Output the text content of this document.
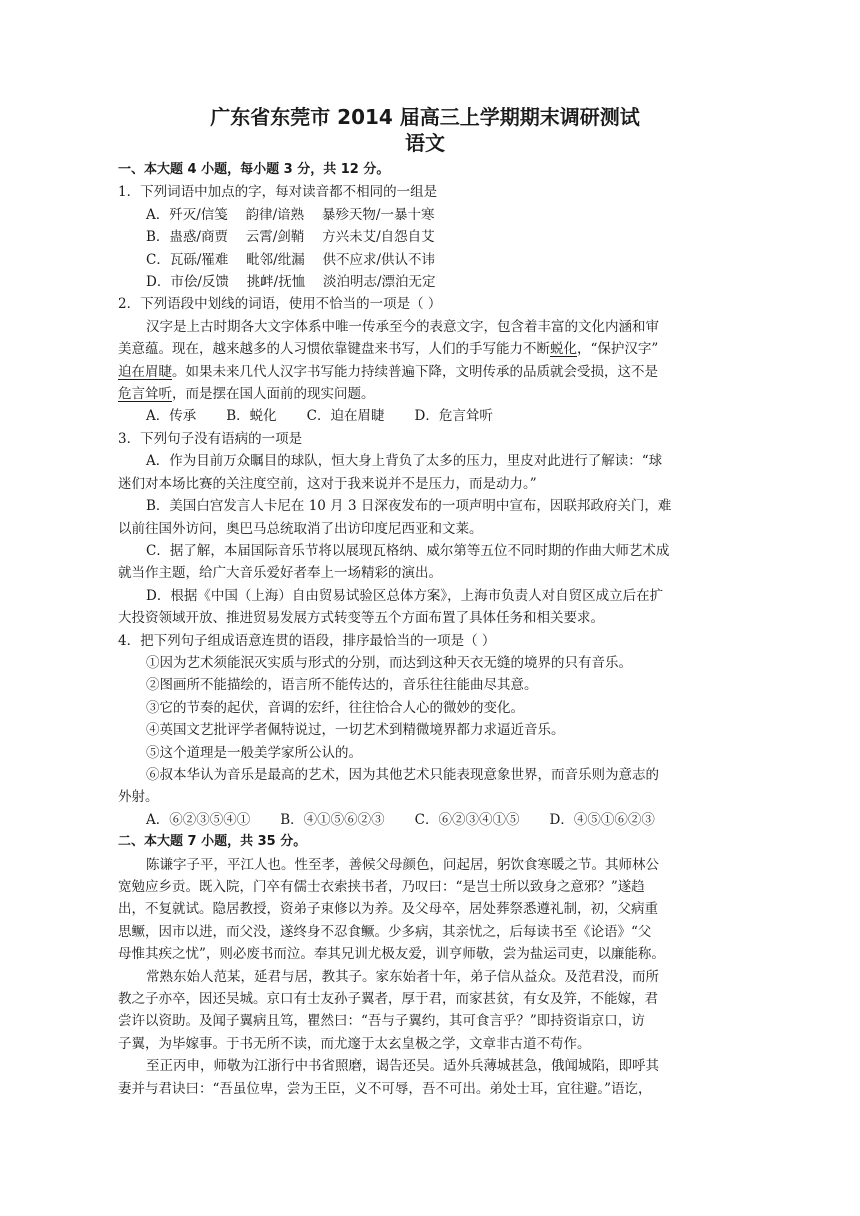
广东省东莞市 2014 届高三上学期期末调研测试
语文
一、本大题 4 小题，每小题 3 分，共 12 分。
1．下列词语中加点的字，每对读音都不相同的一组是
A．歼灭/信笺　 韵律/谙熟　 暴殄天物/一暴十寒
B．蛊惑/商贾　 云霄/剑鞘　 方兴未艾/自怨自艾
C．瓦砾/罹难　 毗邻/纰漏　 供不应求/供认不讳
D．市侩/反馈　 挑衅/抚恤　 淡泊明志/漂泊无定
2．下列语段中划线的词语，使用不恰当的一项是（ ）
汉字是上古时期各大文字体系中唯一传承至今的表意文字，包含着丰富的文化内涵和审
美意蕴。现在，越来越多的人习惯依靠键盘来书写，人们的手写能力不断蜕化，“保护汉字”
迫在眉睫。如果未来几代人汉字书写能力持续普遍下降，文明传承的品质就会受损，这不是
危言耸听，而是摆在国人面前的现实问题。
A．传承 B．蜕化 C．迫在眉睫 D．危言耸听
3．下列句子没有语病的一项是
A．作为目前万众瞩目的球队，恒大身上背负了太多的压力，里皮对此进行了解读：“球
迷们对本场比赛的关注度空前，这对于我来说并不是压力，而是动力。”
B．美国白宫发言人卡尼在 10 月 3 日深夜发布的一项声明中宣布，因联邦政府关门，难
以前往国外访问，奥巴马总统取消了出访印度尼西亚和文莱。
C．据了解，本届国际音乐节将以展现瓦格纳、威尔第等五位不同时期的作曲大师艺术成
就当作主题，给广大音乐爱好者奉上一场精彩的演出。
D．根据《中国（上海）自由贸易试验区总体方案》，上海市负责人对自贸区成立后在扩
大投资领域开放、推进贸易发展方式转变等五个方面布置了具体任务和相关要求。
4．把下列句子组成语意连贯的语段，排序最恰当的一项是（ ）
①因为艺术须能泯灭实质与形式的分别，而达到这种天衣无缝的境界的只有音乐。
②图画所不能描绘的，语言所不能传达的，音乐往往能曲尽其意。
③它的节奏的起伏，音调的宏纤，往往恰合人心的微妙的变化。
④英国文艺批评学者佩特说过，一切艺术到精微境界都力求逼近音乐。
⑤这个道理是一般美学家所公认的。
⑥叔本华认为音乐是最高的艺术，因为其他艺术只能表现意象世界，而音乐则为意志的
外射。
A．⑥②③⑤④① B．④①⑤⑥②③ C．⑥②③④①⑤ D．④⑤①⑥②③
二、本大题 7 小题，共 35 分。
陈谦字子平，平江人也。性至孝，善候父母颜色，问起居，躬饮食寒暖之节。其师林公
宽勉应乡贡。既入院，门卒有儒士衣索挟书者，乃叹曰：“是岂士所以致身之意邪？”遂趋
出，不复就试。隐居教授，资弟子束修以为养。及父母卒，居处葬祭悉遵礼制，初，父病重
思鳜，因市以进，而父没，遂终身不忍食鳜。少多病，其亲忧之，后每读书至《论语》“父
母惟其疾之忧”，则必废书而泣。奉其兄训尤极友爱，训亨师敬，尝为盐运司吏，以廉能称。
常熟东始人范某，延君与居，教其子。家东始者十年，弟子信从益众。及范君没，而所
教之子亦卒，因还吴城。京口有士友孙子翼者，厚于君，而家甚贫，有女及笄，不能嫁，君
尝许以资助。及闻子翼病且笃，瞿然曰：“吾与子翼约，其可食言乎？”即持资诣京口，访
子翼，为毕嫁事。于书无所不读，而尤邃于太玄皇极之学，文章非古道不苟作。
至正丙申，师敬为江浙行中书省照磨，谒告还吴。适外兵薄城甚急，俄闻城陷，即呼其
妻并与君诀曰：“吾虽位卑，尝为王臣，义不可辱，吾不可出。弟处士耳，宜往避。”语讫，
